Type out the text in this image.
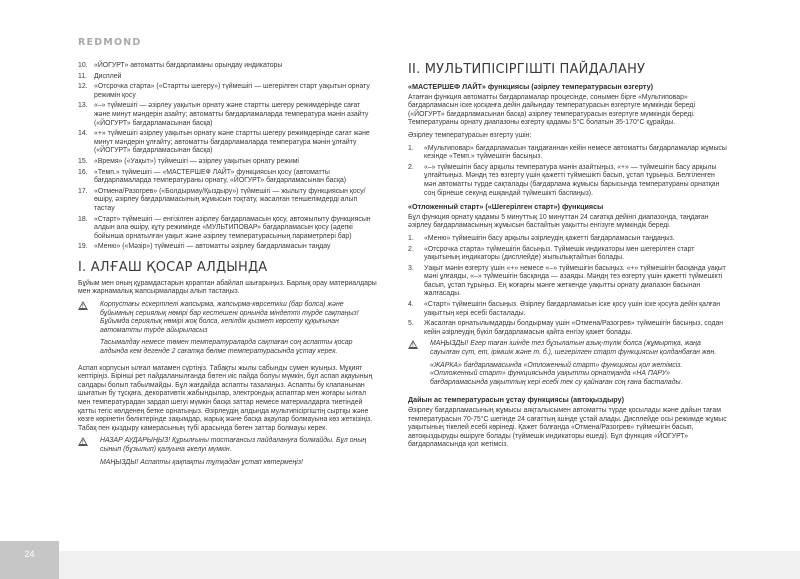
REDMOND
10. «ЙОГУРТ» автоматты бағдарламаны орындау индикаторы
11.	Дисплей
12. «Отсрочка старта» («Стартты шегеру») түймешігі — шегерілген старт уақытын орнату режимін қосу
13. «–» түймешігі — әзірлеу уақытын орнату және стартты шегеру режимдерінде сағат және минут мәндерін азайту; автоматты бағдарламаларда температура мәнін азайту («ЙОГУРТ» бағдарламасынан басқа)
14. «+» түймешігі әзірлеу уақытын орнату және стартты шегеру режимдерінде сағат және минут мәндерін ұлғайту; автоматты бағдарламаларда температура мәнін ұлғайту («ЙОГУРТ» бағдарламасынан басқа)
15. «Время» («Уақыт») түймешігі — әзірлеу уақытын орнату режимі
16. «Темп.» түймешігі — «МАСТЕРШЕФ ЛАЙТ» функциясын қосу (автоматты бағдарламаларда температураны орнату, «ЙОГУРТ» бағдарламасынан басқа)
17. «Отмена/Разогрев» («Болдырмау/Қыздыру») түймешігі — жылыту функциясын қосу/өшіру, әзірлеу бағдарламасының жұмысын тоқтату, жасалған теншелімдерді алып тастау
18. «Старт» түймешігі — енгізілген әзірлеу бағдарламасын қосу, автожылыту функциясын алдын ала өшіру, кұту режимінде «МУЛЬТИПОВАР» бағдарламасын қосу (әдепкі бойынша орнатылған уақыт және әзірлеу температурасының параметрлері бар)
19. «Меню» («Мәзір») түймешігі — автоматты әзірлеу бағдарламасын таңдау
I. АЛҒАШ ҚОСАР АЛДЫНДА

Бұйым мен оның құрамдастарын қораптан абайлап шығарыңыз. Барлық орау материалдары мен жарнамалық жапсырмаларды алып тастаңыз.

! Корпустағы ескертпелі жапсырма, жапсырма-көрсеткіш (бар болса) және бұйымның сериялық нөмірі бар кестешені орнында міндетті түрде сақтаңыз! Бұйымда сериялық нөмірі жоқ болса, кепілдік қызмет көрсету құқығынан автоматты түрде айырыласыз

Тасымалдау немесе төмен температураларда сақтаған соң аспапты қосар алдында кем дегенде 2 сағатқа бөлме температурасында ұстау керек.

Аспап корпусын ылғал матамен сүртіңіз. Табақты жылы сабынды сумен жуыңыз. Мұқият кептіріңіз. Бірінші рет пайдаланылғанда бөтен иіс пайда болуы мүмкін, бұл аспап ақауының салдары болып табылмайды. Бұл жағдайда аспапты тазалаңыз. Аспапты бу клапанынан шығатын бу тұсқаға, декоративтік жабындылар, электрондық аспаптар мен жоғары ылғал мен температурадан зардап шегуі мүмкін басқа заттар немесе материалдарға тиетіндей қатты тегіс көлденең бетке орнатыңыз. Әзірлеудің алдында мультипісіргіштің сыртқы және көзге көрінетін бөліктерінде зақымдар, жарық және басқа ақаулар болмауына көз жеткізіңіз. Табақ пен қыздыру камерасының түбі арасында бөтен заттар болмауы керек.

! НАЗАР АУДАРЫҢЫЗ! Құрылғыны тостағансыз пайдалануға болмайды. Бұл оның сынып (бұзылып) қалуына әкелуі мүмкін.

МАҢЫЗДЫ! Аспапты қақпақты тұтқадан ұстап көтермеңіз!

II. МУЛЬТИПІСІРГІШТІ ПАЙДАЛАНУ
«МАСТЕРШЕФ ЛАЙТ» функциясы (әзірлеу температурасын өзгерту)

Атағған функция автоматты бағдарламалар процесінде, сонымен бірге «Мультиповар» бағдарламасын іске қосқанға дейін дайындау температурасын өзгертуге мүмкіндік береді («ЙОГУРТ» бағдарламасынан басқа) әзірлеу температурасын өзгертуге мүмкіндік береді. Температураны орнату диапазоны өзгерту қадамы 5°С болатын 35-170°С құрайды.

Әзірлеу температурасын өзгерту үшін:

1.	«Мультиповар» бағдарламасын таңдағаннан кейін немесе автоматты бағдарламалар жұмысы кезінде «Темп.» түймешігін басыңыз.
2.	«–» түймешігін басу арқылы температура мәнін азайтыңыз, «+» — түймешігін басу арқылы ұлғайтыңыз. Мәндң тез өзгерту үшін қажетті түймешікті басып, ұстап тұрыңыз. Белгіленген мән автоматты түрде сақталады (бағдарлама жұмысы барысында температураны орнатқан соң бірнеше секунд ешқандай түймешікті баспаңыз).
«Отложенный старт» («Шегерілген старт») функциясы

Бұл функция орнату қадамы 5 минуттық 10 минуттан 24 сағатқа дейінгі диапазонда, таңдаған әзірлеу бағдарламасының жұмысын бастайтын уақытты енгізуге мүмкіндік береді.

1.	«Меню» түймешігін басу арқылы әзірлеудің қажетті бағдарламасын таңдаңыз.
2.	«Отсрочка старта» түймешігін басыңыз. Түймешік индикаторы мен шегерілген старт уақытының индикаторы (дисплейде) жыпылықтайтын болады.
3.	Уақыт мәнін өзгерту үшін «+» немесе «–» түймешігін басыңыз. «+» түймешігін басқанда уақыт мәні ұлғаяды, «–» түймешігін басқанда — азаяды. Мәндң тез өзгерту үшін қажетті түймешікті басып, ұстап тұрыңыз. Ең жоғарғы мәнге жеткенде уақытты орнату диапазон басынан жалғасады.
4.	«Старт» түймешігін басыңыз. Әзірлеу бағдарламасын іске қосу үшін іске қосуға дейін қалған уақыттың кері есебі басталады.
5.	Жасалған орнатылымдарды болдырмау үшін «Отмена/Разогрев» түймешігін басыңыз, содан кейін әзірлеудің бүкіл бағдарламасын қайта енгізу қажет болады.
! МАҢЫЗДЫ! Егер таған ішінде тез бұзылатын азық-түлік болса (жұмыртқа, жаңа сауылған сүт, ет, ірімшік және т. б.), шегерілген старт функциясын қолданбаған жөн.

«ЖАРКА» бағдарламасында «Отложенный старт» функциясы қол жетімсіз. «Отложенный старт» функциясында уақытты орнатқанда «НА ПАРУ» бағдарламасында уақыттың кері есебі тек су қайнаған соң ғана басталады.

Дайын ас температурасын ұстау функциясы (автоқыздыру)

Әзірлеу бағдарламасының жұмысы аяқталысымен автоматты түрде қосылады және дайын тағам температурасын 70-75°С шегінде 24 сағаттың ішінде ұстай алады. Дисплейде осы режимде жұмыс уақытының тікелей есебі көрінеді. Қажет болғанда «Отмена/Разогрев» түймешігін басып, автоқыздыруды өшіруге болады (түймешік индикаторы өшеді). Бұл функция «ЙОГУРТ» бағдарламасында қол жетімсіз.

24
